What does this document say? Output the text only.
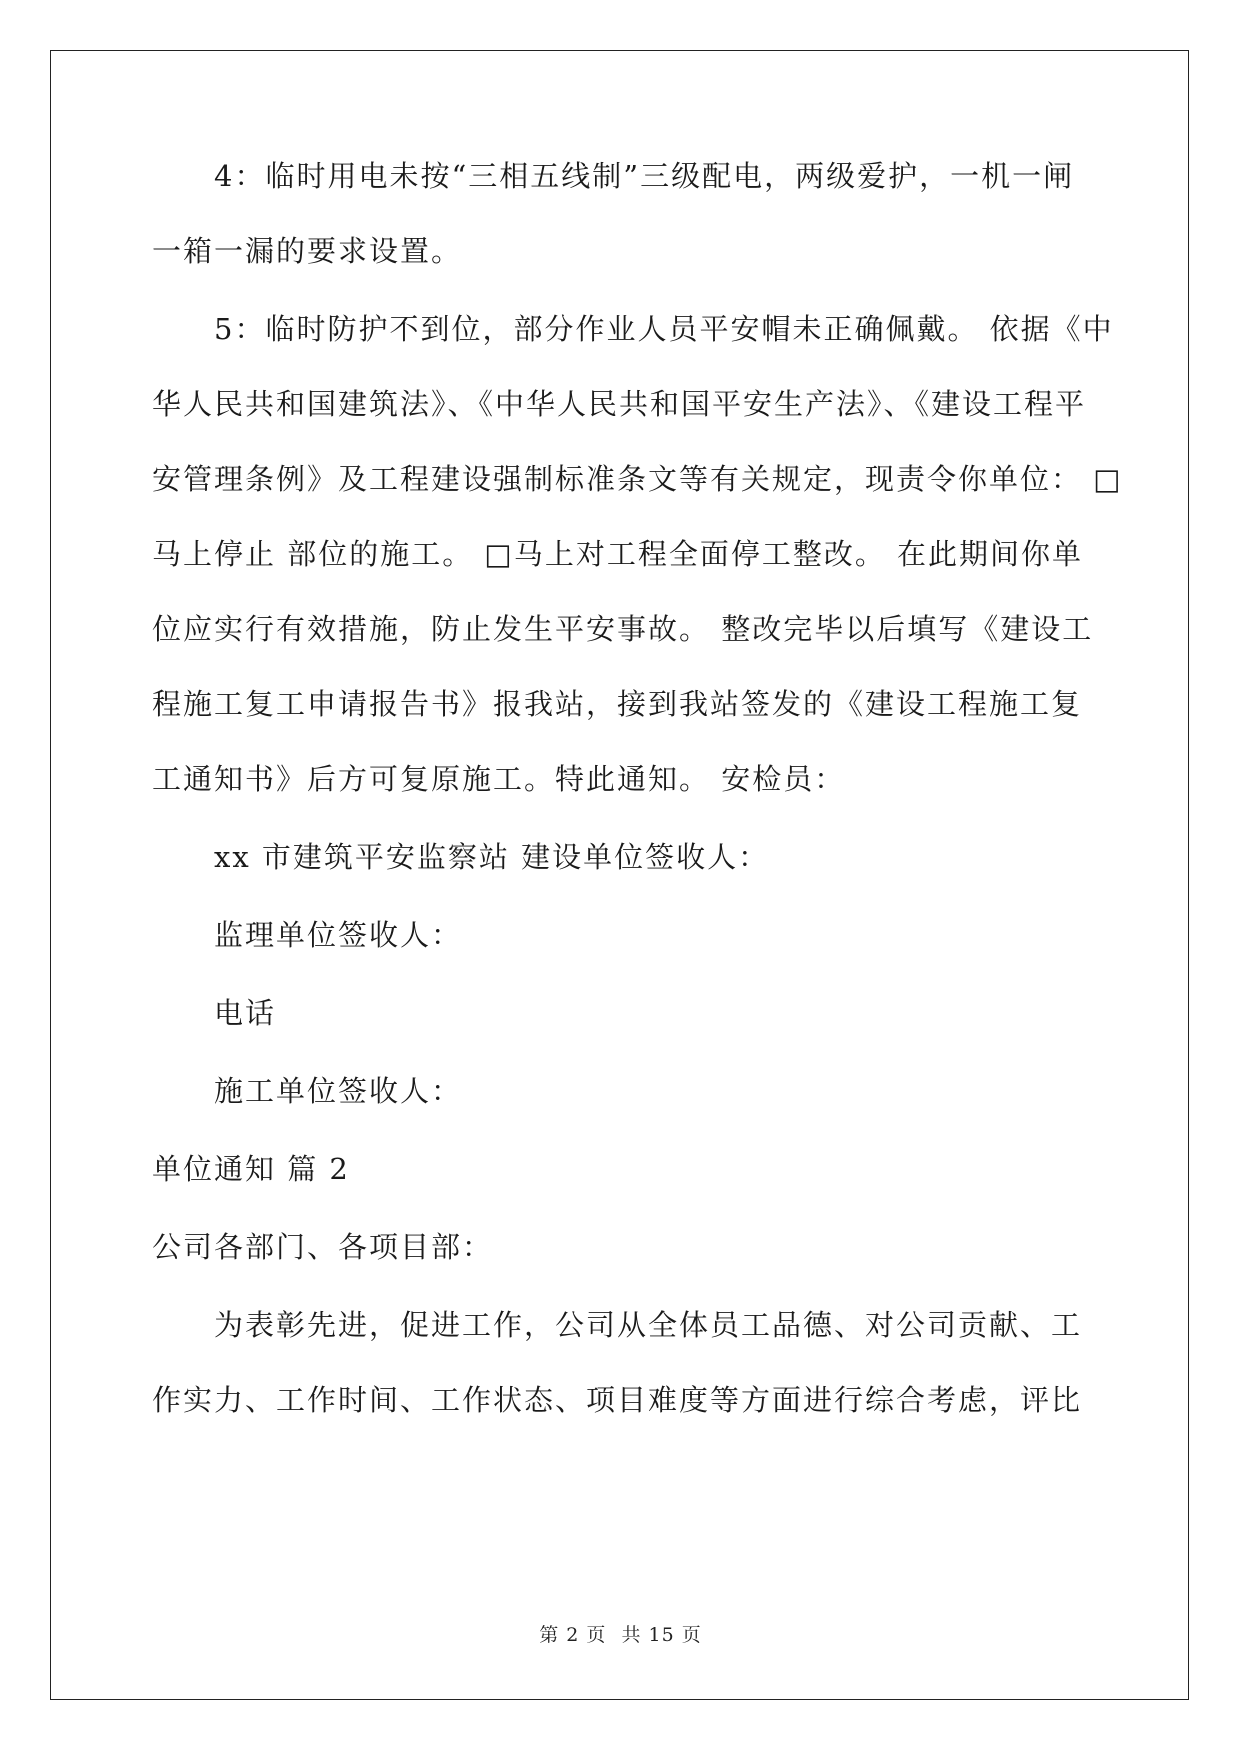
4：临时用电未按“三相五线制”三级配电，两级爱护，一机一闸

一箱一漏的要求设置。

5：临时防护不到位，部分作业人员平安帽未正确佩戴。 依据《中

华人民共和国建筑法》、《中华人民共和国平安生产法》、《建设工程平

安管理条例》及工程建设强制标准条文等有关规定，现责令你单位： □

马上停止 部位的施工。 □马上对工程全面停工整改。 在此期间你单

位应实行有效措施，防止发生平安事故。 整改完毕以后填写《建设工

程施工复工申请报告书》报我站，接到我站签发的《建设工程施工复

工通知书》后方可复原施工。特此通知。 安检员：

xx 市建筑平安监察站 建设单位签收人：

监理单位签收人：

电话

施工单位签收人：

单位通知 篇 2

公司各部门、各项目部：

为表彰先进，促进工作，公司从全体员工品德、对公司贡献、工

作实力、工作时间、工作状态、项目难度等方面进行综合考虑，评比

第 2 页 共 15 页
